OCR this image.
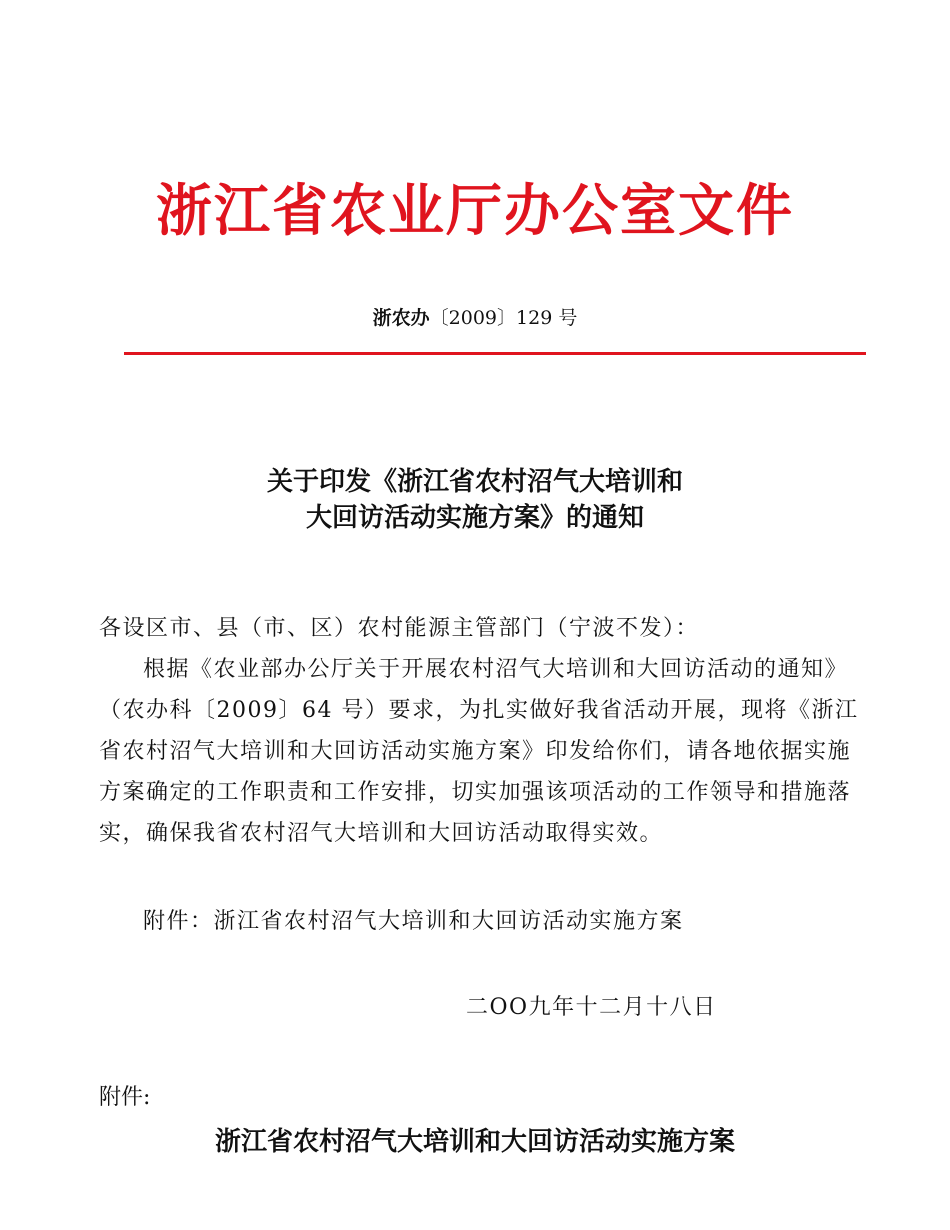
浙江省农业厅办公室文件
浙农办〔2009〕129 号
关于印发《浙江省农村沼气大培训和
大回访活动实施方案》的通知

各设区市、县（市、区）农村能源主管部门（宁波不发）：

根据《农业部办公厅关于开展农村沼气大培训和大回访活动的通知》（农办科〔2009〕64 号）要求，为扎实做好我省活动开展，现将《浙江省农村沼气大培训和大回访活动实施方案》印发给你们，请各地依据实施方案确定的工作职责和工作安排，切实加强该项活动的工作领导和措施落实，确保我省农村沼气大培训和大回访活动取得实效。

附件：浙江省农村沼气大培训和大回访活动实施方案
二OO九年十二月十八日
附件:
浙江省农村沼气大培训和大回访活动实施方案
